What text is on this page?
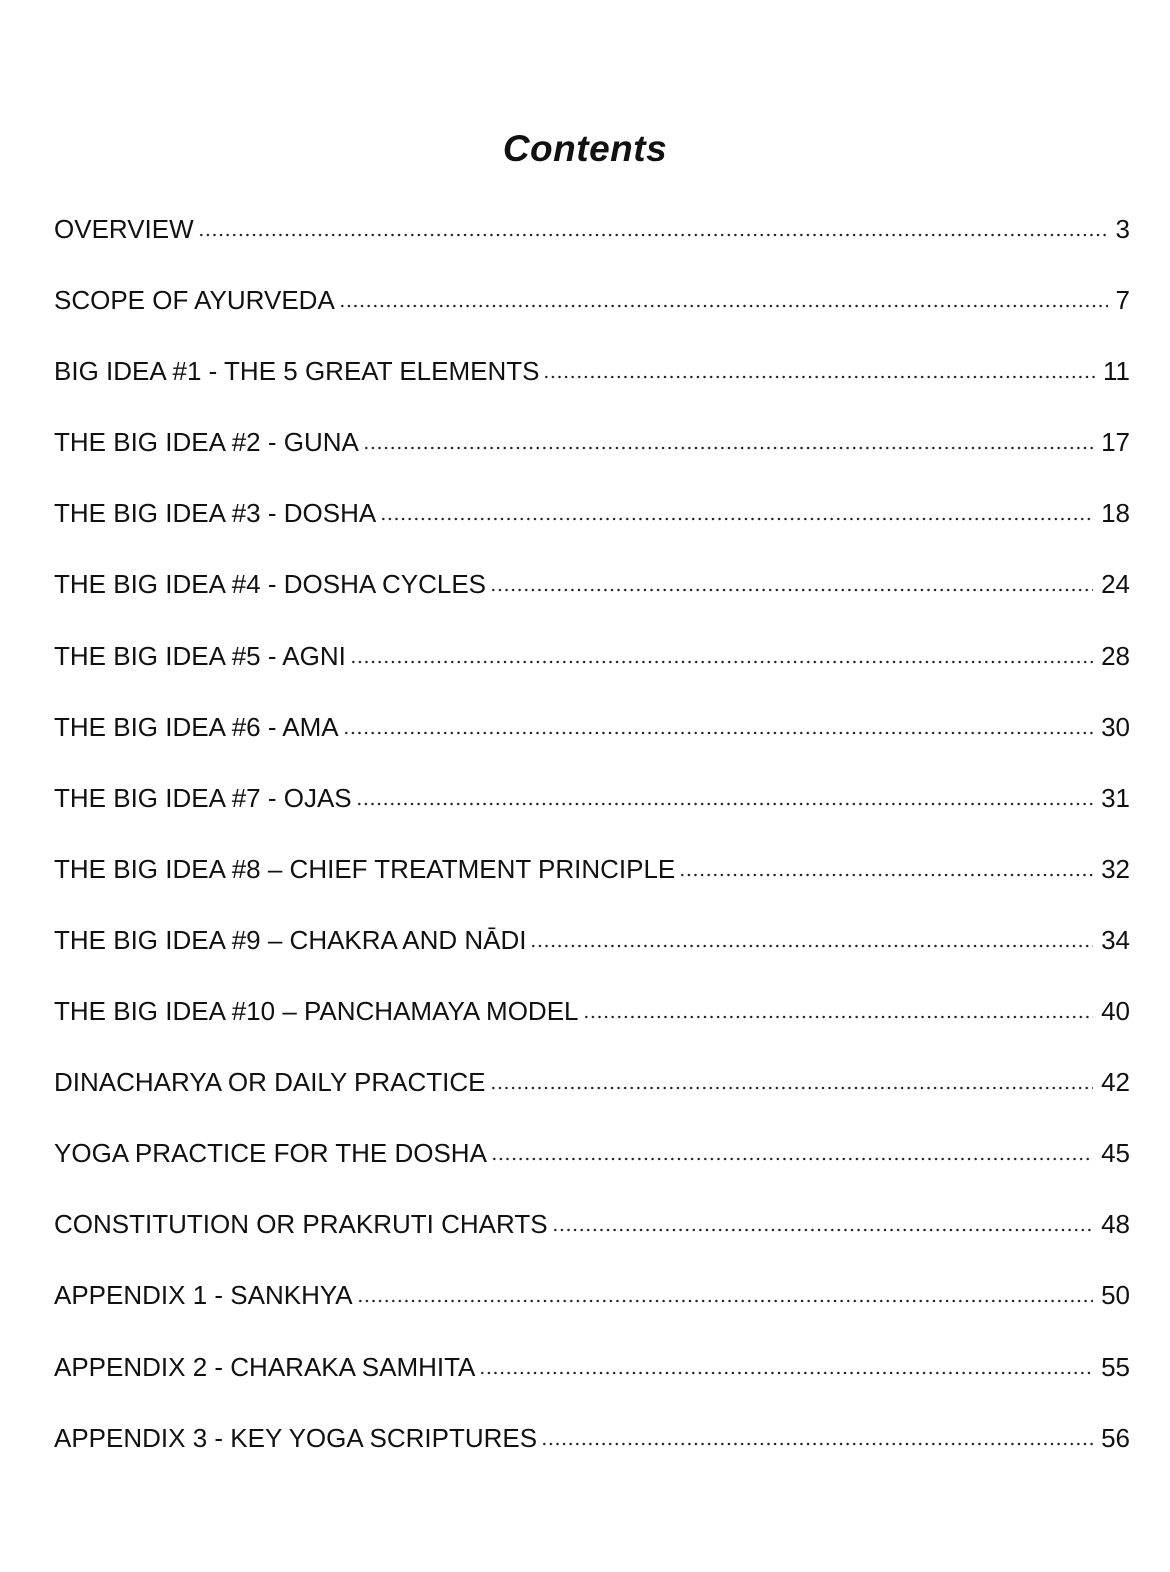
Contents
OVERVIEW	3
SCOPE OF AYURVEDA	7
BIG IDEA #1 - THE 5 GREAT ELEMENTS	11
THE BIG IDEA #2 - GUNA	17
THE BIG IDEA #3 - DOSHA	18
THE BIG IDEA #4 - DOSHA CYCLES	24
THE BIG IDEA #5 - AGNI	28
THE BIG IDEA #6 - AMA	30
THE BIG IDEA #7 - OJAS	31
THE BIG IDEA #8 – CHIEF TREATMENT PRINCIPLE	32
THE BIG IDEA #9 – CHAKRA AND NĀDI	34
THE BIG IDEA #10 – PANCHAMAYA MODEL	40
DINACHARYA OR DAILY PRACTICE	42
YOGA PRACTICE FOR THE DOSHA	45
CONSTITUTION OR PRAKRUTI CHARTS	48
APPENDIX 1 - SANKHYA	50
APPENDIX 2 - CHARAKA SAMHITA	55
APPENDIX 3 - KEY YOGA SCRIPTURES	56
